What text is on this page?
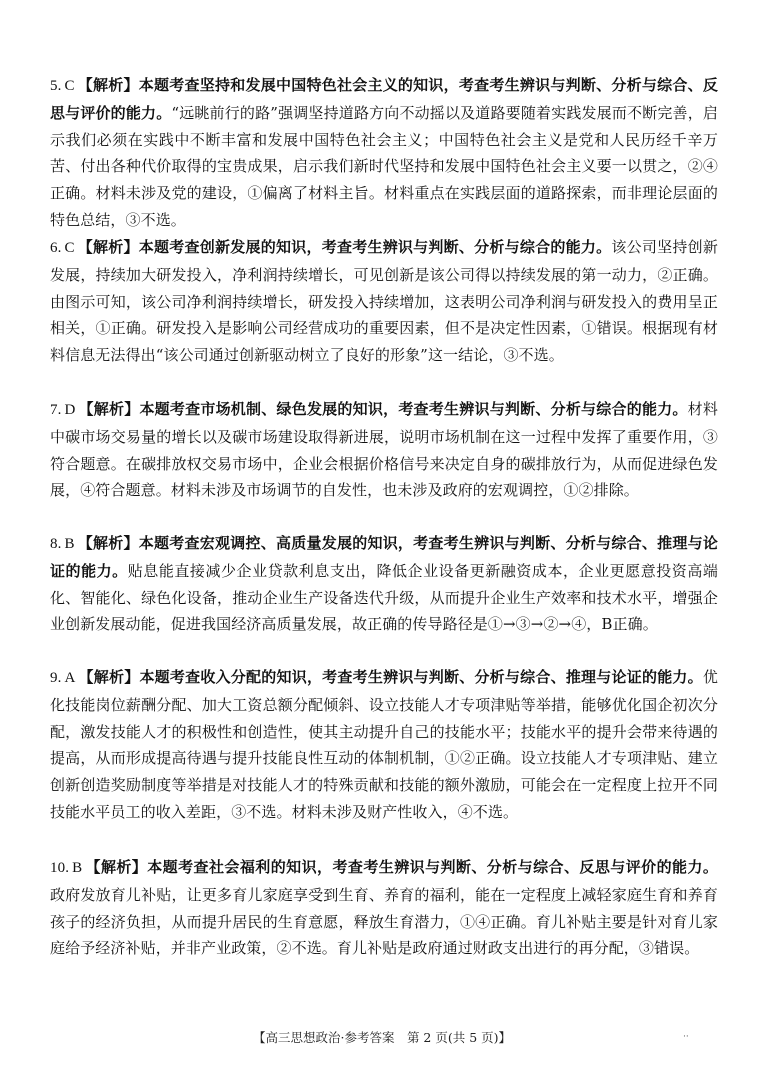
5. C 【解析】本题考查坚持和发展中国特色社会主义的知识，考查考生辨识与判断、分析与综合、反思与评价的能力。“远眺前行的路”强调坚持道路方向不动摇以及道路要随着实践发展而不断完善，启示我们必须在实践中不断丰富和发展中国特色社会主义；中国特色社会主义是党和人民历经千辛万苦、付出各种代价取得的宝贵成果，启示我们新时代坚持和发展中国特色社会主义要一以贯之，②④正确。材料未涉及党的建设，①偏离了材料主旨。材料重点在实践层面的道路探索，而非理论层面的特色总结，③不选。
6. C 【解析】本题考查创新发展的知识，考查考生辨识与判断、分析与综合的能力。该公司坚持创新发展，持续加大研发投入，净利润持续增长，可见创新是该公司得以持续发展的第一动力，②正确。由图示可知，该公司净利润持续增长，研发投入持续增加，这表明公司净利润与研发投入的费用呈正相关，①正确。研发投入是影响公司经营成功的重要因素，但不是决定性因素，①错误。根据现有材料信息无法得出“该公司通过创新驱动树立了良好的形象”这一结论，③不选。
7. D 【解析】本题考查市场机制、绿色发展的知识，考查考生辨识与判断、分析与综合的能力。材料中碳市场交易量的增长以及碳市场建设取得新进展，说明市场机制在这一过程中发挥了重要作用，③符合题意。在碳排放权交易市场中，企业会根据价格信号来决定自身的碳排放行为，从而促进绿色发展，④符合题意。材料未涉及市场调节的自发性，也未涉及政府的宏观调控，①②排除。
8. B 【解析】本题考查宏观调控、高质量发展的知识，考查考生辨识与判断、分析与综合、推理与论证的能力。贴息能直接减少企业贷款利息支出，降低企业设备更新融资成本，企业更愿意投资高端化、智能化、绿色化设备，推动企业生产设备迭代升级，从而提升企业生产效率和技术水平，增强企业创新发展动能，促进我国经济高质量发展，故正确的传导路径是①→③→②→④，B正确。
9. A 【解析】本题考查收入分配的知识，考查考生辨识与判断、分析与综合、推理与论证的能力。优化技能岗位薪酬分配、加大工资总额分配倾斜、设立技能人才专项津贴等举措，能够优化国企初次分配，激发技能人才的积极性和创造性，使其主动提升自己的技能水平；技能水平的提升会带来待遇的提高，从而形成提高待遇与提升技能良性互动的体制机制，①②正确。设立技能人才专项津贴、建立创新创造奖励制度等举措是对技能人才的特殊贡献和技能的额外激励，可能会在一定程度上拉开不同技能水平员工的收入差距，③不选。材料未涉及财产性收入，④不选。
10. B 【解析】本题考查社会福利的知识，考查考生辨识与判断、分析与综合、反思与评价的能力。政府发放育儿补贴，让更多育儿家庭享受到生育、养育的福利，能在一定程度上减轻家庭生育和养育孩子的经济负担，从而提升居民的生育意愿，释放生育潜力，①④正确。育儿补贴主要是针对育儿家庭给予经济补贴，并非产业政策，②不选。育儿补贴是政府通过财政支出进行的再分配，③错误。
【高三思想政治·参考答案　第 2 页(共 5 页)】	··
